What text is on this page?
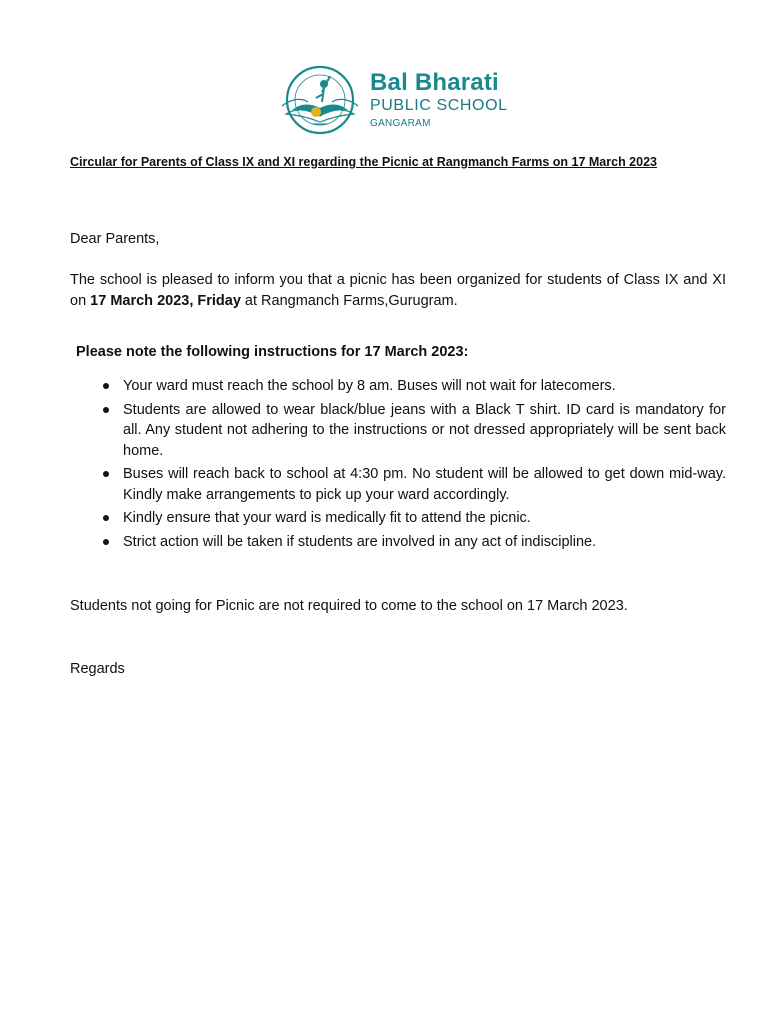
Bal Bharati
PUBLIC SCHOOL
GANGARAM
Circular for Parents of Class IX and XI regarding the Picnic at Rangmanch Farms on 17 March 2023
Dear Parents,
The school is pleased to inform you that a picnic has been organized for students of Class IX and XI on 17 March 2023, Friday at Rangmanch Farms,Gurugram.
Please note the following instructions for 17 March 2023:
Your ward must reach the school by 8 am. Buses will not wait for latecomers.
Students are allowed to wear black/blue jeans with a Black T shirt. ID card is mandatory for all. Any student not adhering to the instructions or not dressed appropriately will be sent back home.
Buses will reach back to school at 4:30 pm. No student will be allowed to get down mid-way. Kindly make arrangements to pick up your ward accordingly.
Kindly ensure that your ward is medically fit to attend the picnic.
Strict action will be taken if students are involved in any act of indiscipline.
Students not going for Picnic are not required to come to the school on 17 March 2023.
Regards
